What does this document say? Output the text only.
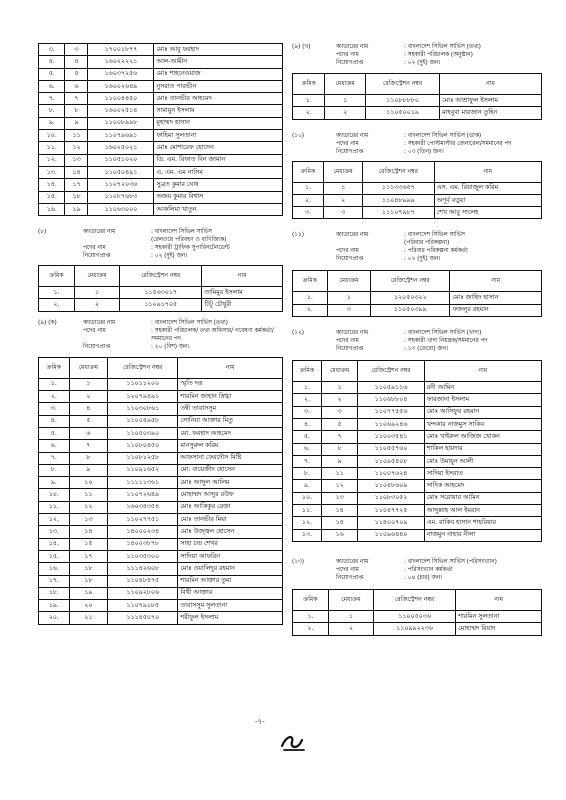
৩.	৩	১৭০০১৮৭৭	মোঃ আবু ফরহাদ
৪.	৪	১৬০২২২২১	আল-আমীন
৫.	৫	১৬০৩৭২৫৬	মোঃ শাহনেওয়াজ
৬.	৬	১৬০০২৬৪৯	নুসরাত পারভীন
৭.	৭	১১০০৪৪৫০	মোঃ তানভীর আহমেদ
৮.	৮	১৬০০২৫১৪	সামায়ুন ইসলাম
৯.	৯	১১০০৮৯৯৮	মুহাম্মদ হাসান
১০.	১১	১১০৭৯৬৯১	ফাহিমা সুলতানা
১১.	১২	১৬০২৫০২১	মোঃ মোশারেফ হোসেন
১২.	১৩	১১০৫১০২০	ডি. এম. রিফাত বিন জামান
১৩.	১৪	১১০৫০৪৯১	এ. এম. এম নাসিম
১৪.	১৭	১১০৭২০৩৬	সুব্রত কুমার ঘোষ
১৫.	১৮	১১০৮৭৬৮৩	অজয় কুমার বিশ্বাস
১৬.	১৯	১১০৬৩০০০	আকলিমা খাতুন
(৮)	ক্যাডারের নাম	: বাংলাদেশ সিভিল সার্ভিস
(রেলওয়ে পরিবহণ ও বাণিজ্যিক)
পদের নাম	: সহকারী ট্রাফিক সুপারিনটেনডেন্ট
নিয়োগপ্রাপ্ত	: ০২ (দুই) জন।
ক্রমিক	মেধাক্রম	রেজিস্ট্রেশন নম্বর	নাম
১.	১	১১৫৬৩০১৭	তামিমুর ইসলাম
২.	২	১১০৯১৭০৫	টিটু চৌধুরী
(৯) (ক)	ক্যাডারের নাম	: বাংলাদেশ সিভিল সার্ভিস (তথ্য)
পদের নাম	: সহকারী পরিচালক/ তথ্য অফিসার/ গবেষণা কর্মকর্তা/ সমমানের পদ
নিয়োগপ্রাপ্ত	: ২০ (বিশ) জন।
ক্রমিক	মেধাক্রম	রেজিস্ট্রেশন নম্বর	নাম
১.	১	১১০১১২০০	স্মৃতি দত্ত
২.	২	১২০৭৯৪৯১	শারমিন জাহান স্নিগ্ধা
৩.	৪	১১০৩০৮৬১	তন্বী তাবাসসুম
৪.	৫	১১০০৪৯৫৮	সোনিয়া আক্তার মিতু
৫.	৬	১১০৫০৩৯০	মো. ফরহাদ আহমেদ
৬.	৭	১১০৮০৪৫০	মানসুরুল করিম
৭.	৮	১১০৮১২৫৮	আফসানা ফেরদৌস মিষ্টি
৮.	৯	১১০৯১৬৫২	মো: বায়েজীদ হোসেন
৯.	১০	১১১১১৩৬১	মোঃ আব্দুল আলিম
১০.	১১	১১০৭২৬৪৯	মোহাম্মদ আব্দুর রউফ
১১.	১২	১৬০৩৪৩৫৪	মোঃ আকিকুর রেজা
১২.	১৩	১১০২৭৭৫১	মোঃ তানভীর মিয়া
১৩.	১৪	১৪০০০২৩৪	মোঃ উজ্জ্বল হোসেন
১৪.	১৫	১৪০০৩৮৭৮	সাহা চন্দ্র শেখর
১৫.	১৭	১১০৩৫৩০০	সাদিয়া আফরিন
১৬.	১৮	১১১৪২৬০৮	মোঃ ওয়ালিদুর রহমান
১৭.	১৮	১১০৪৮৪৭৫	শারমিন আক্তার তুমা
১৮.	১৯	১১০৯২৮০৬	বিথী আক্তার
১৯.	২০	১১০৭৯১৮৫	তাবাসসুম সুলতানা
২০.	২১	১১১৪৫০৭০	শরীফুল ইসলাম
(৯) (খ)	ক্যাডারের নাম	: বাংলাদেশ সিভিল সার্ভিস (তথ্য)
পদের নাম	: সহকারী পরিচালক (অনুষ্ঠান)
নিয়োগপ্রাপ্ত	: ০২ (দুই) জন।
ক্রমিক	মেধাক্রম	রেজিস্ট্রেশন নম্বর	নাম
১.	১	১১০৮৮৮৮০	মোঃ আশ্রাফুল ইসলাম
২.	২	১১০৫০০১৯	মাহবুবা মারজান তুহিন
(১০)	ক্যাডারের নাম	: বাংলাদেশ সিভিল সার্ভিস (ডাক)
পদের নাম	: সহকারী পোস্টমাস্টার জেনারেল/সমমানের পদ
নিয়োগপ্রাপ্ত	: ০৩ (তিন) জন।
ক্রমিক	মেধাক্রম	রেজিস্ট্রেশন নম্বর	নাম
১.	১	১১১৩৩৬৫৭	এস. এম. রিয়াজুল করিম
২.	২	১১০৪৮৯৯৯	অপূর্ব বড়ুয়া
৩.	৩	১১১০৭৯৮৭	শেখ আবু সালেহ
(১১)	ক্যাডারের নাম	: বাংলাদেশ সিভিল সার্ভিস
(পরিবার পরিকল্পনা)
পদের নাম	: পরিবার পরিকল্পনা কর্মকর্তা
নিয়োগপ্রাপ্ত	: ০২ (দুই) জন।
ক্রমিক	মেধাক্রম	রেজিস্ট্রেশন নম্বর	নাম
১.	১	১২০৫০৩২২	মোঃ জাহিদ হাসান
২.	৩	১১০৫০৩৯৯	ফজলুর রহমান
(১২)	ক্যাডারের নাম	: বাংলাদেশ সিভিল সার্ভিস (খাদ্য)
পদের নাম	: সহকারী খাদ্য নিয়ন্ত্রক/সমমানের পদ
নিয়োগপ্রাপ্ত	: ১৩ (তেরো) জন।
ক্রমিক	মেধাক্রম	রেজিস্ট্রেশন নম্বর	নাম
১.	১	১১০৫৯১১৬	রনী আমিন
২.	২	১১০৬৮৮০৪	ফারজানা ইসলাম
৩.	৩	১১০৭৭৫৫৬	মোঃ আসিফুর রহমান
৪.	৫	১১০৬৯২৪৬	খন্দকার নাজমুস সাকিব
৫.	৭	১১০০৩৫৪১	মোঃ খাইরুল আজিজ খোকন
৬.	৮	১১০৫৫৭৬০	শাকিল হায়দার
৭.	৯	১১০৯৫৪০৮	মোঃ উমায়ুন আলী
৮.	১১	১১০০৭৬২৪	সাদিয়া ইসরাত
৯.	১২	১১০৪৮৬০৯	সাদিক আহমেদ
১০.	১৩	১১০৮৩০৫২	মোঃ সরোয়ার আমিন
১১.	১৪	১১০৪৭৭২৫	আব্দুল্লাহ আল ইমরান
১২.	১৫	১১৪০০৭০৯	এম. রাকিব হাসান শাহরিয়ার
১৩.	১৬	১১০৯৬৪৪০	নাজমুন নাহার নীলা
(১৩)	ক্যাডারের নাম	: বাংলাদেশ সিভিল সার্ভিস (পরিসংখ্যান)
পদের নাম	: পরিসংখ্যান কর্মকর্তা
নিয়োগপ্রাপ্ত	: ০৪ (চার) জন।
ক্রমিক	মেধাক্রম	রেজিস্ট্রেশন নম্বর	নাম
১.	১	১১০০৫০৩৬	শারমিন সুলতানা
২.	২	১১০৯৯২২৩৬	মোহাম্মদ রিয়াদ
-৭-
